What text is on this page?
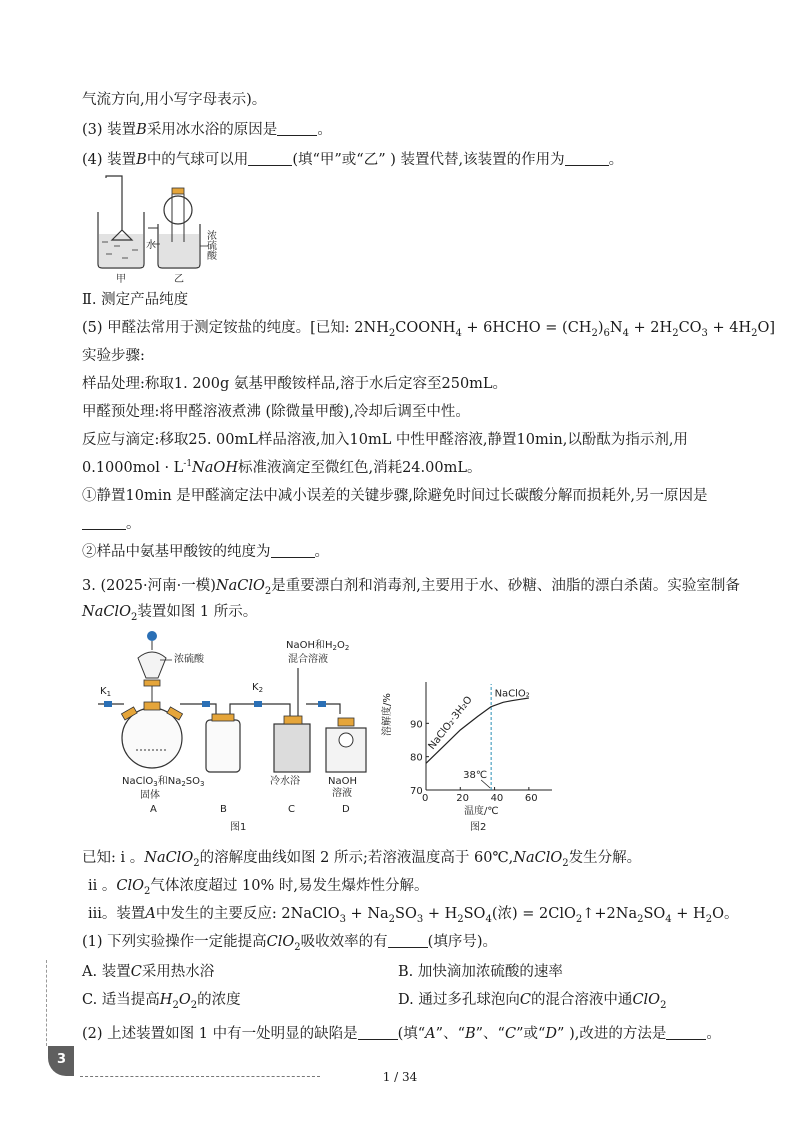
气流方向,用小写字母表示)。
(3) 装置B采用冰水浴的原因是	。
(4) 装置B中的气球可以用	(填“甲”或“乙” ) 装置代替,该装置的作用为	。
水	浓硫酸
甲	乙
Ⅱ. 测定产品纯度
(5) 甲醛法常用于测定铵盐的纯度。[已知: $2NH_2COONH_4$ + 6HCHO = $(CH_2)_6N_4 + 2H_2CO_3 + 4H_2O$]
实验步骤:
样品处理:称取1. 200g 氨基甲酸铵样品,溶于水后定容至250mL。
甲醛预处理:将甲醛溶液煮沸 (除微量甲酸),冷却后调至中性。
反应与滴定:移取25. 00mL样品溶液,加入10mL 中性甲醛溶液,静置10min,以酚酞为指示剂,用
$0.1000mol \cdot L^{-1}NaOH$标准液滴定至微红色,消耗24.00mL。
①静置10min 是甲醛滴定法中减小误差的关键步骤,除避免时间过长碳酸分解而损耗外,另一原因是
。
②样品中氨基甲酸铵的纯度为	。
3. (2025·河南·一模)NaClO$_2$是重要漂白剂和消毒剂,主要用于水、砂糖、油脂的漂白杀菌。实验室制备
NaClO$_2$装置如图 1 所示。
浓硫酸
$K_1$
$K_2$
NaOH和$H_2O_2$
混合溶液
冷水浴	NaOH
溶液
NaClO$_3$和$Na_2SO_3$
固体
A	B	C	D
图1
0	20 40 60
70
80
90
溶解度/%
温度/℃
图2
38℃
NaClO₂·3H₂O
NaClO₂
已知: i 。NaClO$_2$的溶解度曲线如图 2 所示;若溶液温度高于 60℃,NaClO$_2$发生分解。
ii 。ClO$_2$气体浓度超过 10% 时,易发生爆炸性分解。
iii。装置A中发生的主要反应: 2NaClO$_3$ + $Na_2SO_3 + H_2SO_4$(浓) = $2ClO_2↑+2Na_2SO_4 + H_2O$。
(1) 下列实验操作一定能提高ClO$_2$吸收效率的有	(填序号)。
A. 装置C采用热水浴	B. 加快滴加浓硫酸的速率
C. 适当提高$H_2O_2$的浓度	D. 通过多孔球泡向C的混合溶液中通ClO$_2$
(2) 上述装置如图 1 中有一处明显的缺陷是	(填“A”、“B”、“C”或“D” ),改进的方法是	。
3
1 / 34
